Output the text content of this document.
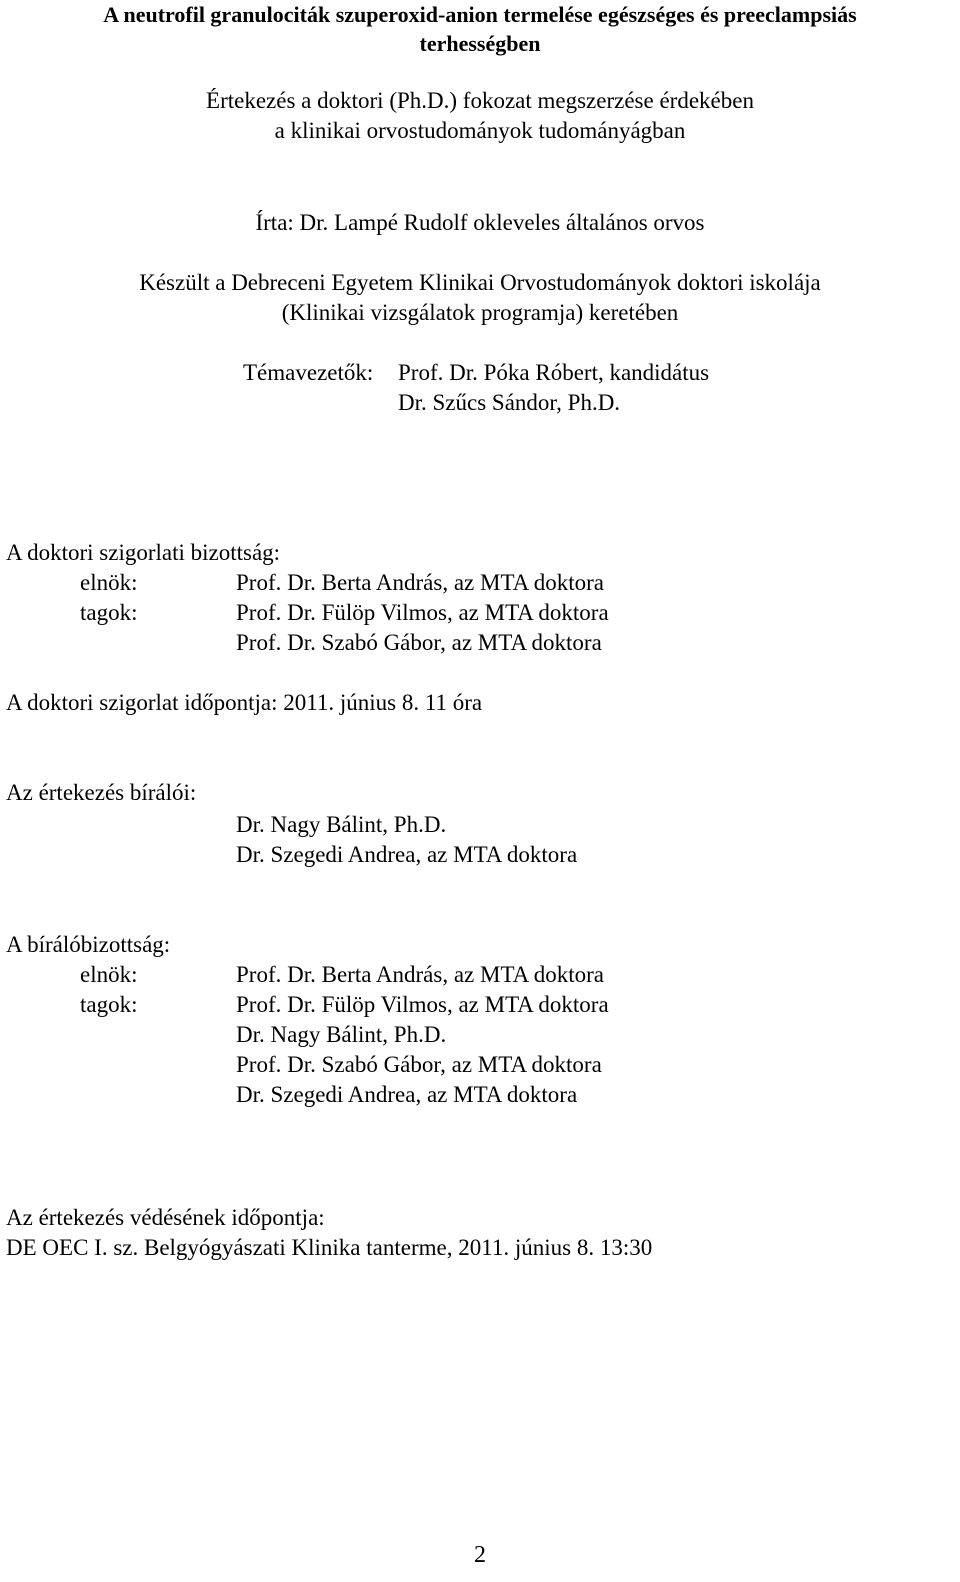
A neutrofil granulociták szuperoxid-anion termelése egészséges és preeclampsiás
terhességben
Értekezés a doktori (Ph.D.) fokozat megszerzése érdekében
a klinikai orvostudományok tudományágban
Írta: Dr. Lampé Rudolf okleveles általános orvos
Készült a Debreceni Egyetem Klinikai Orvostudományok doktori iskolája
(Klinikai vizsgálatok programja) keretében
Témavezetők: Prof. Dr. Póka Róbert, kandidátus
Dr. Szűcs Sándor, Ph.D.
A doktori szigorlati bizottság:
elnök:	Prof. Dr. Berta András, az MTA doktora
tagok:	Prof. Dr. Fülöp Vilmos, az MTA doktora
Prof. Dr. Szabó Gábor, az MTA doktora
A doktori szigorlat időpontja: 2011. június 8. 11 óra
Az értekezés bírálói:
Dr. Nagy Bálint, Ph.D.
Dr. Szegedi Andrea, az MTA doktora
A bírálóbizottság:
elnök:	Prof. Dr. Berta András, az MTA doktora
tagok:	Prof. Dr. Fülöp Vilmos, az MTA doktora
Dr. Nagy Bálint, Ph.D.
Prof. Dr. Szabó Gábor, az MTA doktora
Dr. Szegedi Andrea, az MTA doktora
Az értekezés védésének időpontja:
DE OEC I. sz. Belgyógyászati Klinika tanterme, 2011. június 8. 13:30
2
